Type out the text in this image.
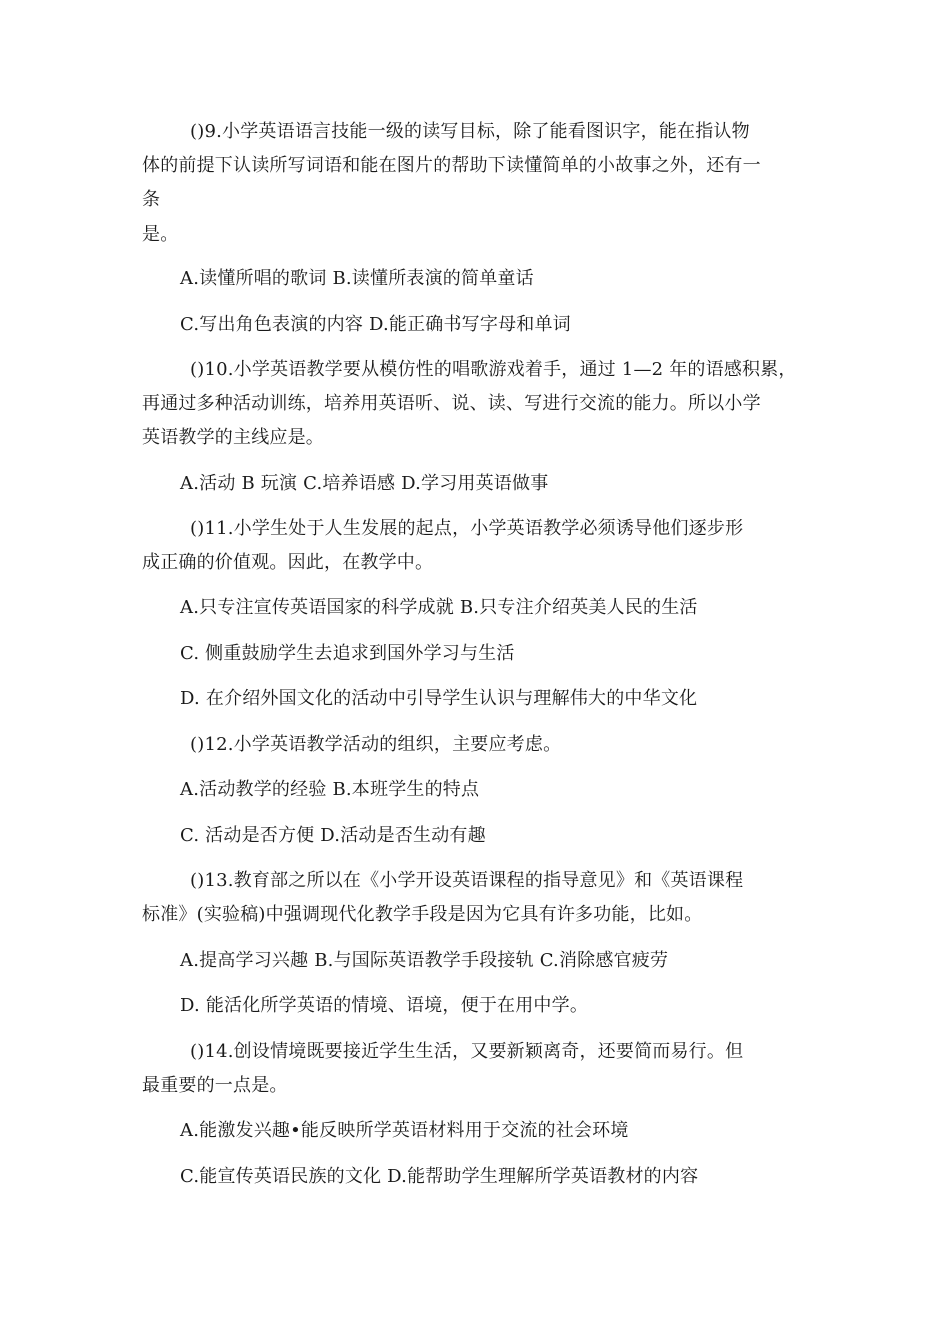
()9.小学英语语言技能一级的读写目标，除了能看图识字，能在指认物
体的前提下认读所写词语和能在图片的帮助下读懂简单的小故事之外，还有一
条
是。
A.读懂所唱的歌词 B.读懂所表演的简单童话
C.写出角色表演的内容 D.能正确书写字母和单词
()10.小学英语教学要从模仿性的唱歌游戏着手，通过 1—2 年的语感积累，
再通过多种活动训练，培养用英语听、说、读、写进行交流的能力。所以小学
英语教学的主线应是。
A.活动 B 玩演 C.培养语感 D.学习用英语做事
()11.小学生处于人生发展的起点，小学英语教学必须诱导他们逐步形
成正确的价值观。因此，在教学中。
A.只专注宣传英语国家的科学成就 B.只专注介绍英美人民的生活
C. 侧重鼓励学生去追求到国外学习与生活
D. 在介绍外国文化的活动中引导学生认识与理解伟大的中华文化
()12.小学英语教学活动的组织，主要应考虑。
A.活动教学的经验 B.本班学生的特点
C. 活动是否方便 D.活动是否生动有趣
()13.教育部之所以在《小学开设英语课程的指导意见》和《英语课程
标准》(实验稿)中强调现代化教学手段是因为它具有许多功能，比如。
A.提高学习兴趣 B.与国际英语教学手段接轨 C.消除感官疲劳
D. 能活化所学英语的情境、语境，便于在用中学。
()14.创设情境既要接近学生生活，又要新颖离奇，还要简而易行。但
最重要的一点是。
A.能激发兴趣•能反映所学英语材料用于交流的社会环境
C.能宣传英语民族的文化 D.能帮助学生理解所学英语教材的内容
